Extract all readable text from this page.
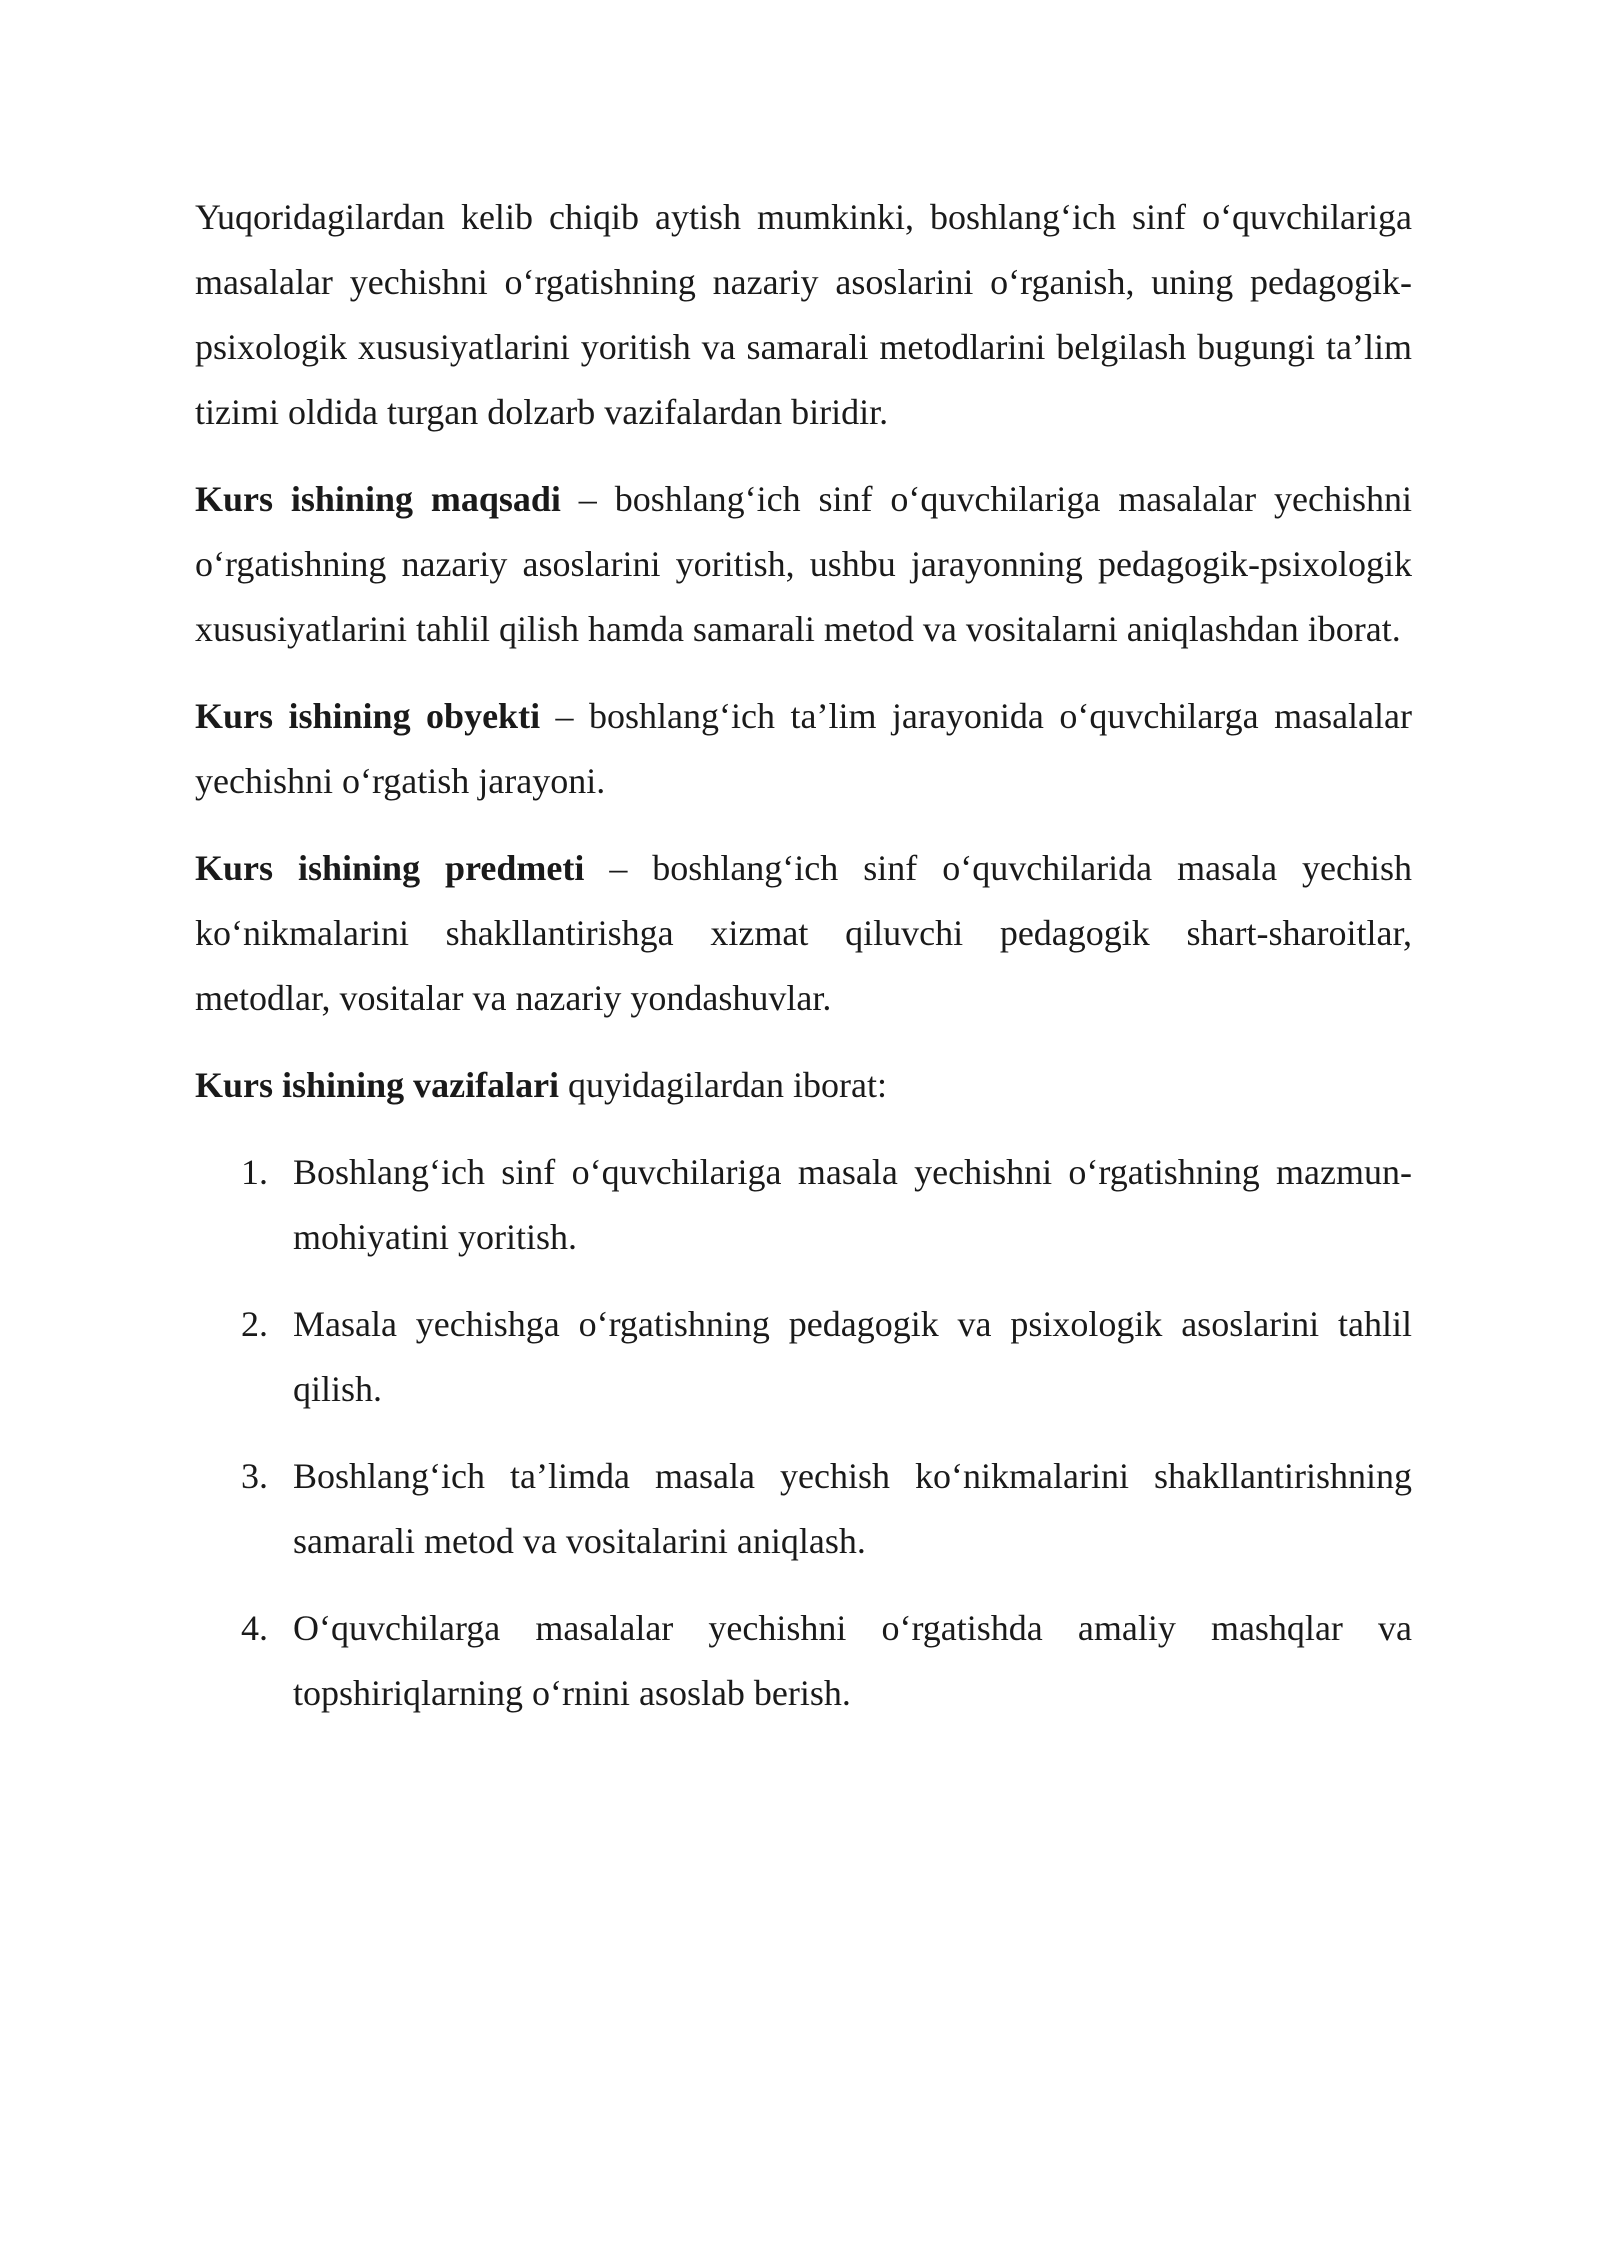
Yuqoridagilardan kelib chiqib aytish mumkinki, boshlang‘ich sinf o‘quvchilariga masalalar yechishni o‘rgatishning nazariy asoslarini o‘rganish, uning pedagogik-psixologik xususiyatlarini yoritish va samarali metodlarini belgilash bugungi ta’lim tizimi oldida turgan dolzarb vazifalardan biridir.

Kurs ishining maqsadi – boshlang‘ich sinf o‘quvchilariga masalalar yechishni o‘rgatishning nazariy asoslarini yoritish, ushbu jarayonning pedagogik-psixologik xususiyatlarini tahlil qilish hamda samarali metod va vositalarni aniqlashdan iborat.

Kurs ishining obyekti – boshlang‘ich ta’lim jarayonida o‘quvchilarga masalalar yechishni o‘rgatish jarayoni.

Kurs ishining predmeti – boshlang‘ich sinf o‘quvchilarida masala yechish ko‘nikmalarini shakllantirishga xizmat qiluvchi pedagogik shart-sharoitlar, metodlar, vositalar va nazariy yondashuvlar.

Kurs ishining vazifalari quyidagilardan iborat:

1. Boshlang‘ich sinf o‘quvchilariga masala yechishni o‘rgatishning mazmun-mohiyatini yoritish.
2. Masala yechishga o‘rgatishning pedagogik va psixologik asoslarini tahlil qilish.
3. Boshlang‘ich ta’limda masala yechish ko‘nikmalarini shakllantirishning samarali metod va vositalarini aniqlash.
4. O‘quvchilarga masalalar yechishni o‘rgatishda amaliy mashqlar va topshiriqlarning o‘rnini asoslab berish.
